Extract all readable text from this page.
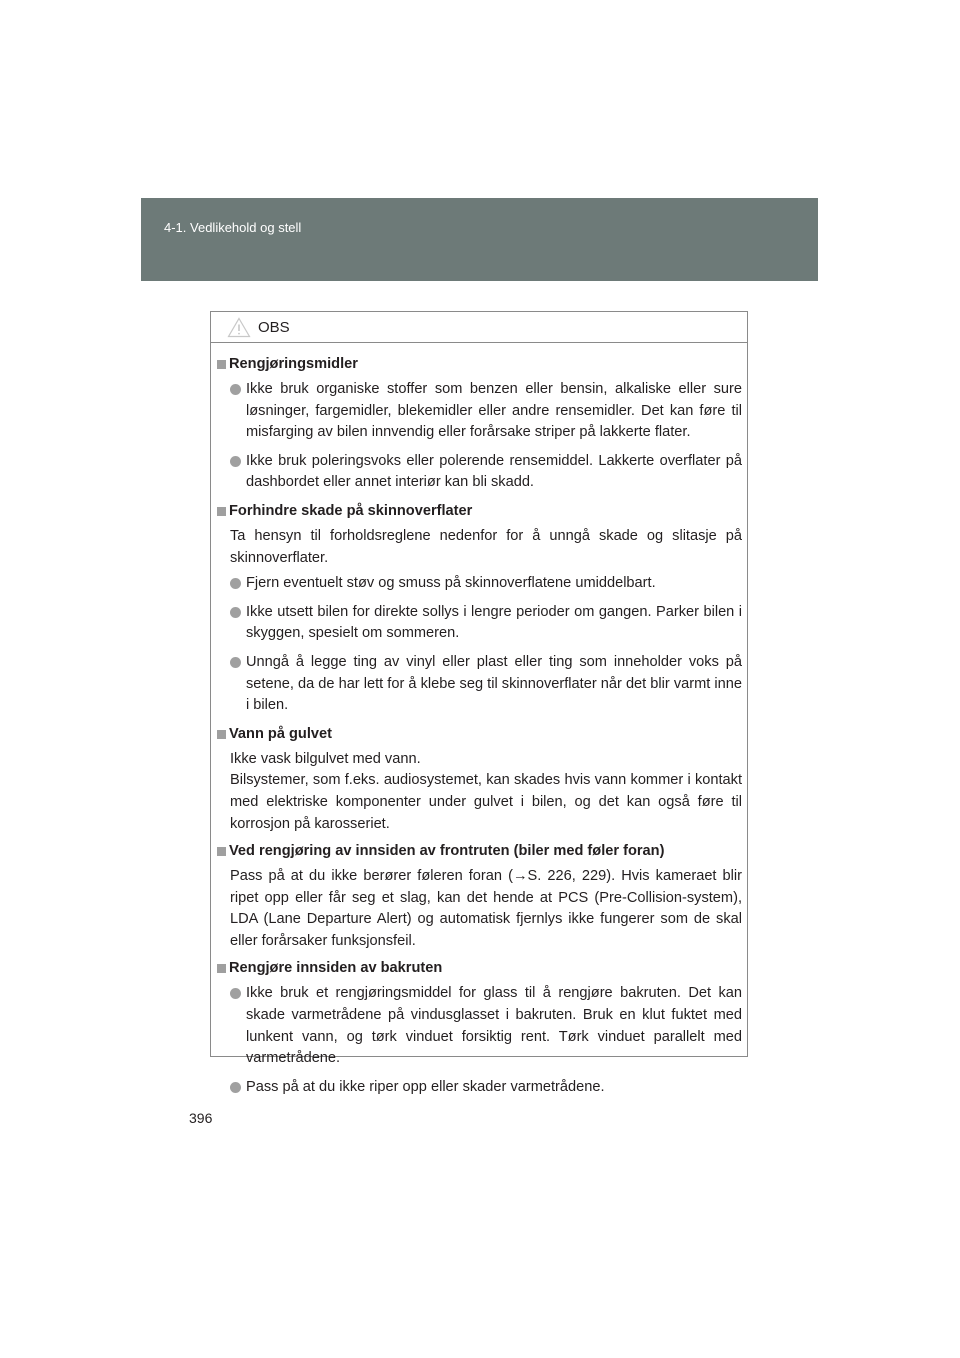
4-1. Vedlikehold og stell
OBS
Rengjøringsmidler
Ikke bruk organiske stoffer som benzen eller bensin, alkaliske eller sure løsninger, fargemidler, blekemidler eller andre rensemidler. Det kan føre til misfarging av bilen innvendig eller forårsake striper på lakkerte flater.
Ikke bruk poleringsvoks eller polerende rensemiddel. Lakkerte overflater på dashbordet eller annet interiør kan bli skadd.
Forhindre skade på skinnoverflater
Ta hensyn til forholdsreglene nedenfor for å unngå skade og slitasje på skinnoverflater.
Fjern eventuelt støv og smuss på skinnoverflatene umiddelbart.
Ikke utsett bilen for direkte sollys i lengre perioder om gangen. Parker bilen i skyggen, spesielt om sommeren.
Unngå å legge ting av vinyl eller plast eller ting som inneholder voks på setene, da de har lett for å klebe seg til skinnoverflater når det blir varmt inne i bilen.
Vann på gulvet
Ikke vask bilgulvet med vann.
Bilsystemer, som f.eks. audiosystemet, kan skades hvis vann kommer i kontakt med elektriske komponenter under gulvet i bilen, og det kan også føre til korrosjon på karosseriet.
Ved rengjøring av innsiden av frontruten (biler med føler foran)
Pass på at du ikke berører føleren foran (→S. 226, 229). Hvis kameraet blir ripet opp eller får seg et slag, kan det hende at PCS (Pre-Collision-system), LDA (Lane Departure Alert) og automatisk fjernlys ikke fungerer som de skal eller forårsaker funksjonsfeil.
Rengjøre innsiden av bakruten
Ikke bruk et rengjøringsmiddel for glass til å rengjøre bakruten. Det kan skade varmetrådene på vindusglasset i bakruten. Bruk en klut fuktet med lunkent vann, og tørk vinduet forsiktig rent. Tørk vinduet parallelt med varmetrådene.
Pass på at du ikke riper opp eller skader varmetrådene.
396
